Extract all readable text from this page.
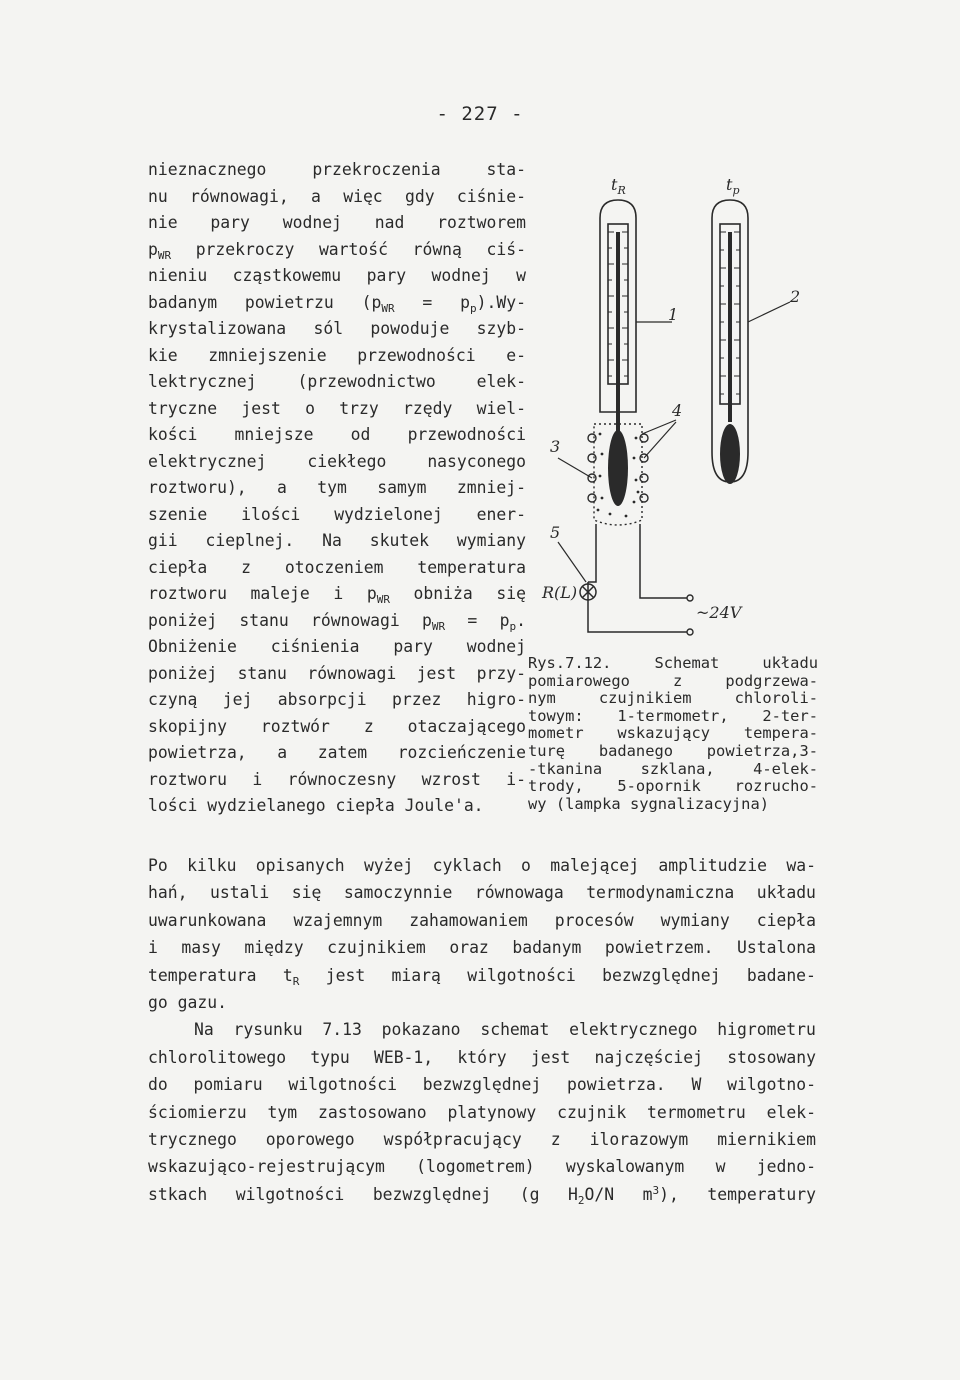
- 227 -
nieznacznego	przekroczenia	sta-
nu równowagi, a więc gdy ciśnie-
nie pary wodnej nad roztworem
$p_{WR}$ przekroczy wartość równą ciś-
nieniu cząstkowemu pary wodnej w
badanym powietrzu $(p_{WR} = p_p).Wy-$
krystalizowana sól powoduje szyb-
kie zmniejszenie przewodności e-
lektrycznej (przewodnictwo elek-
tryczne jest o trzy rzędy wiel-
kości mniejsze od przewodności
elektrycznej ciekłego nasyconego
roztworu), a tym samym zmniej-
szenie ilości wydzielonej ener-
gii cieplnej. Na skutek wymiany
ciepła z otoczeniem temperatura
roztworu maleje i $p_{WR}$ obniża się
poniżej stanu równowagi $p_{WR} = p_p$.
Obniżenie ciśnienia pary wodnej
poniżej stanu równowagi jest przy-
czyną jej absorpcji przez higro-
skopijny roztwór z otaczającego
powietrza, a zatem rozcieńczenie
roztworu i równoczesny wzrost i-
lości
wydzielanego
ciepła
Joule'a.
$t_R$	$t_p$
1
2
3
4
5
R(L)
~24V
Rys.7.12.	Schemat	układu
pomiarowego	z	podgrzewa-
nym	czujnikiem	chloroli-
towym: 1-termometr, 2-ter-
mometr wskazujący tempera-
turę badanego powietrza,3-
-tkanina szklana, 4-elek-
trody, 5-opornik rozrucho-
wy
(lampka
sygnalizacyjna)
Po kilku opisanych wyżej cyklach o malejącej amplitudzie wa-
hań, ustali się samoczynnie równowaga termodynamiczna układu
uwarunkowana wzajemnym zahamowaniem procesów wymiany ciepła
i masy między czujnikiem oraz badanym powietrzem. Ustalona
temperatura $t_R$ jest miarą wilgotności bezwzględnej badane-
go
gazu.
Na rysunku 7.13 pokazano schemat elektrycznego higrometru
chlorolitowego typu WEB-1, który jest najczęściej stosowany
do pomiaru wilgotności bezwzględnej powietrza. W wilgotno-
ściomierzu tym zastosowano platynowy czujnik termometru elek-
trycznego oporowego współpracujący z ilorazowym miernikiem
wskazująco-rejestrującym (logometrem) wyskalowanym w jedno-
stkach wilgotności bezwzględnej (g $H_2O/N$ $m^3$), temperatury
